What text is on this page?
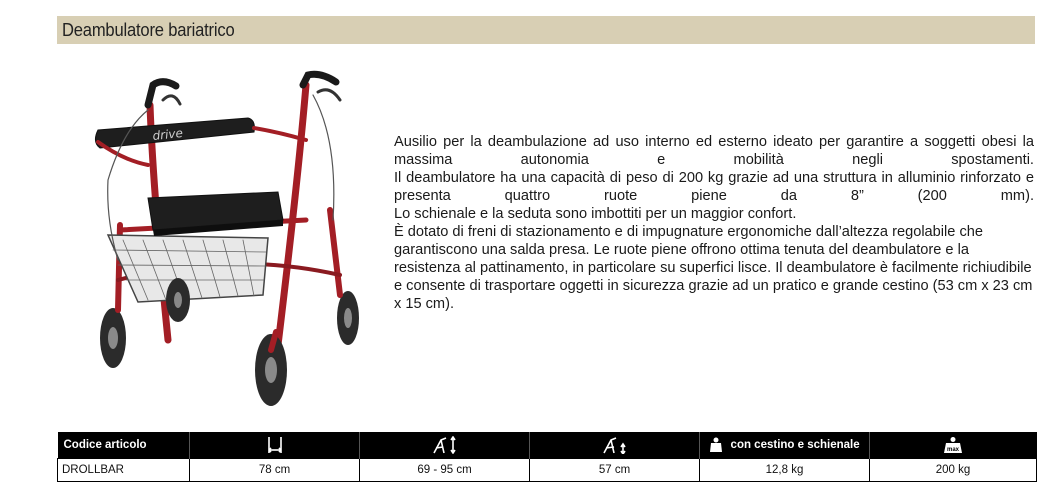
Deambulatore bariatrico
drive	Ausilio per la deambulazione ad uso interno ed esterno ideato per garantire a soggetti obesi la massima autonomia e mobilità negli spostamenti.

Il deambulatore ha una capacità di peso di 200 kg grazie ad una struttura in alluminio rinforzato e presenta quattro ruote piene da 8” (200 mm).

Lo schienale e la seduta sono imbottiti per un maggior confort.

È dotato di freni di stazionamento e di impugnature ergonomiche dall’altezza regolabile che garantiscono una salda presa. Le ruote piene offrono ottima tenuta del deambulatore e la resistenza al pattinamento, in particolare su superfici lisce. Il deambulatore è facilmente richiudibile e consente di trasportare oggetti in sicurezza grazie ad un pratico e grande cestino (53 cm x 23 cm x 15 cm).

Codice articolo				con cestino e schienale	max

DROLLBAR	78 cm	69 - 95 cm	57 cm	12,8 kg	200 kg
